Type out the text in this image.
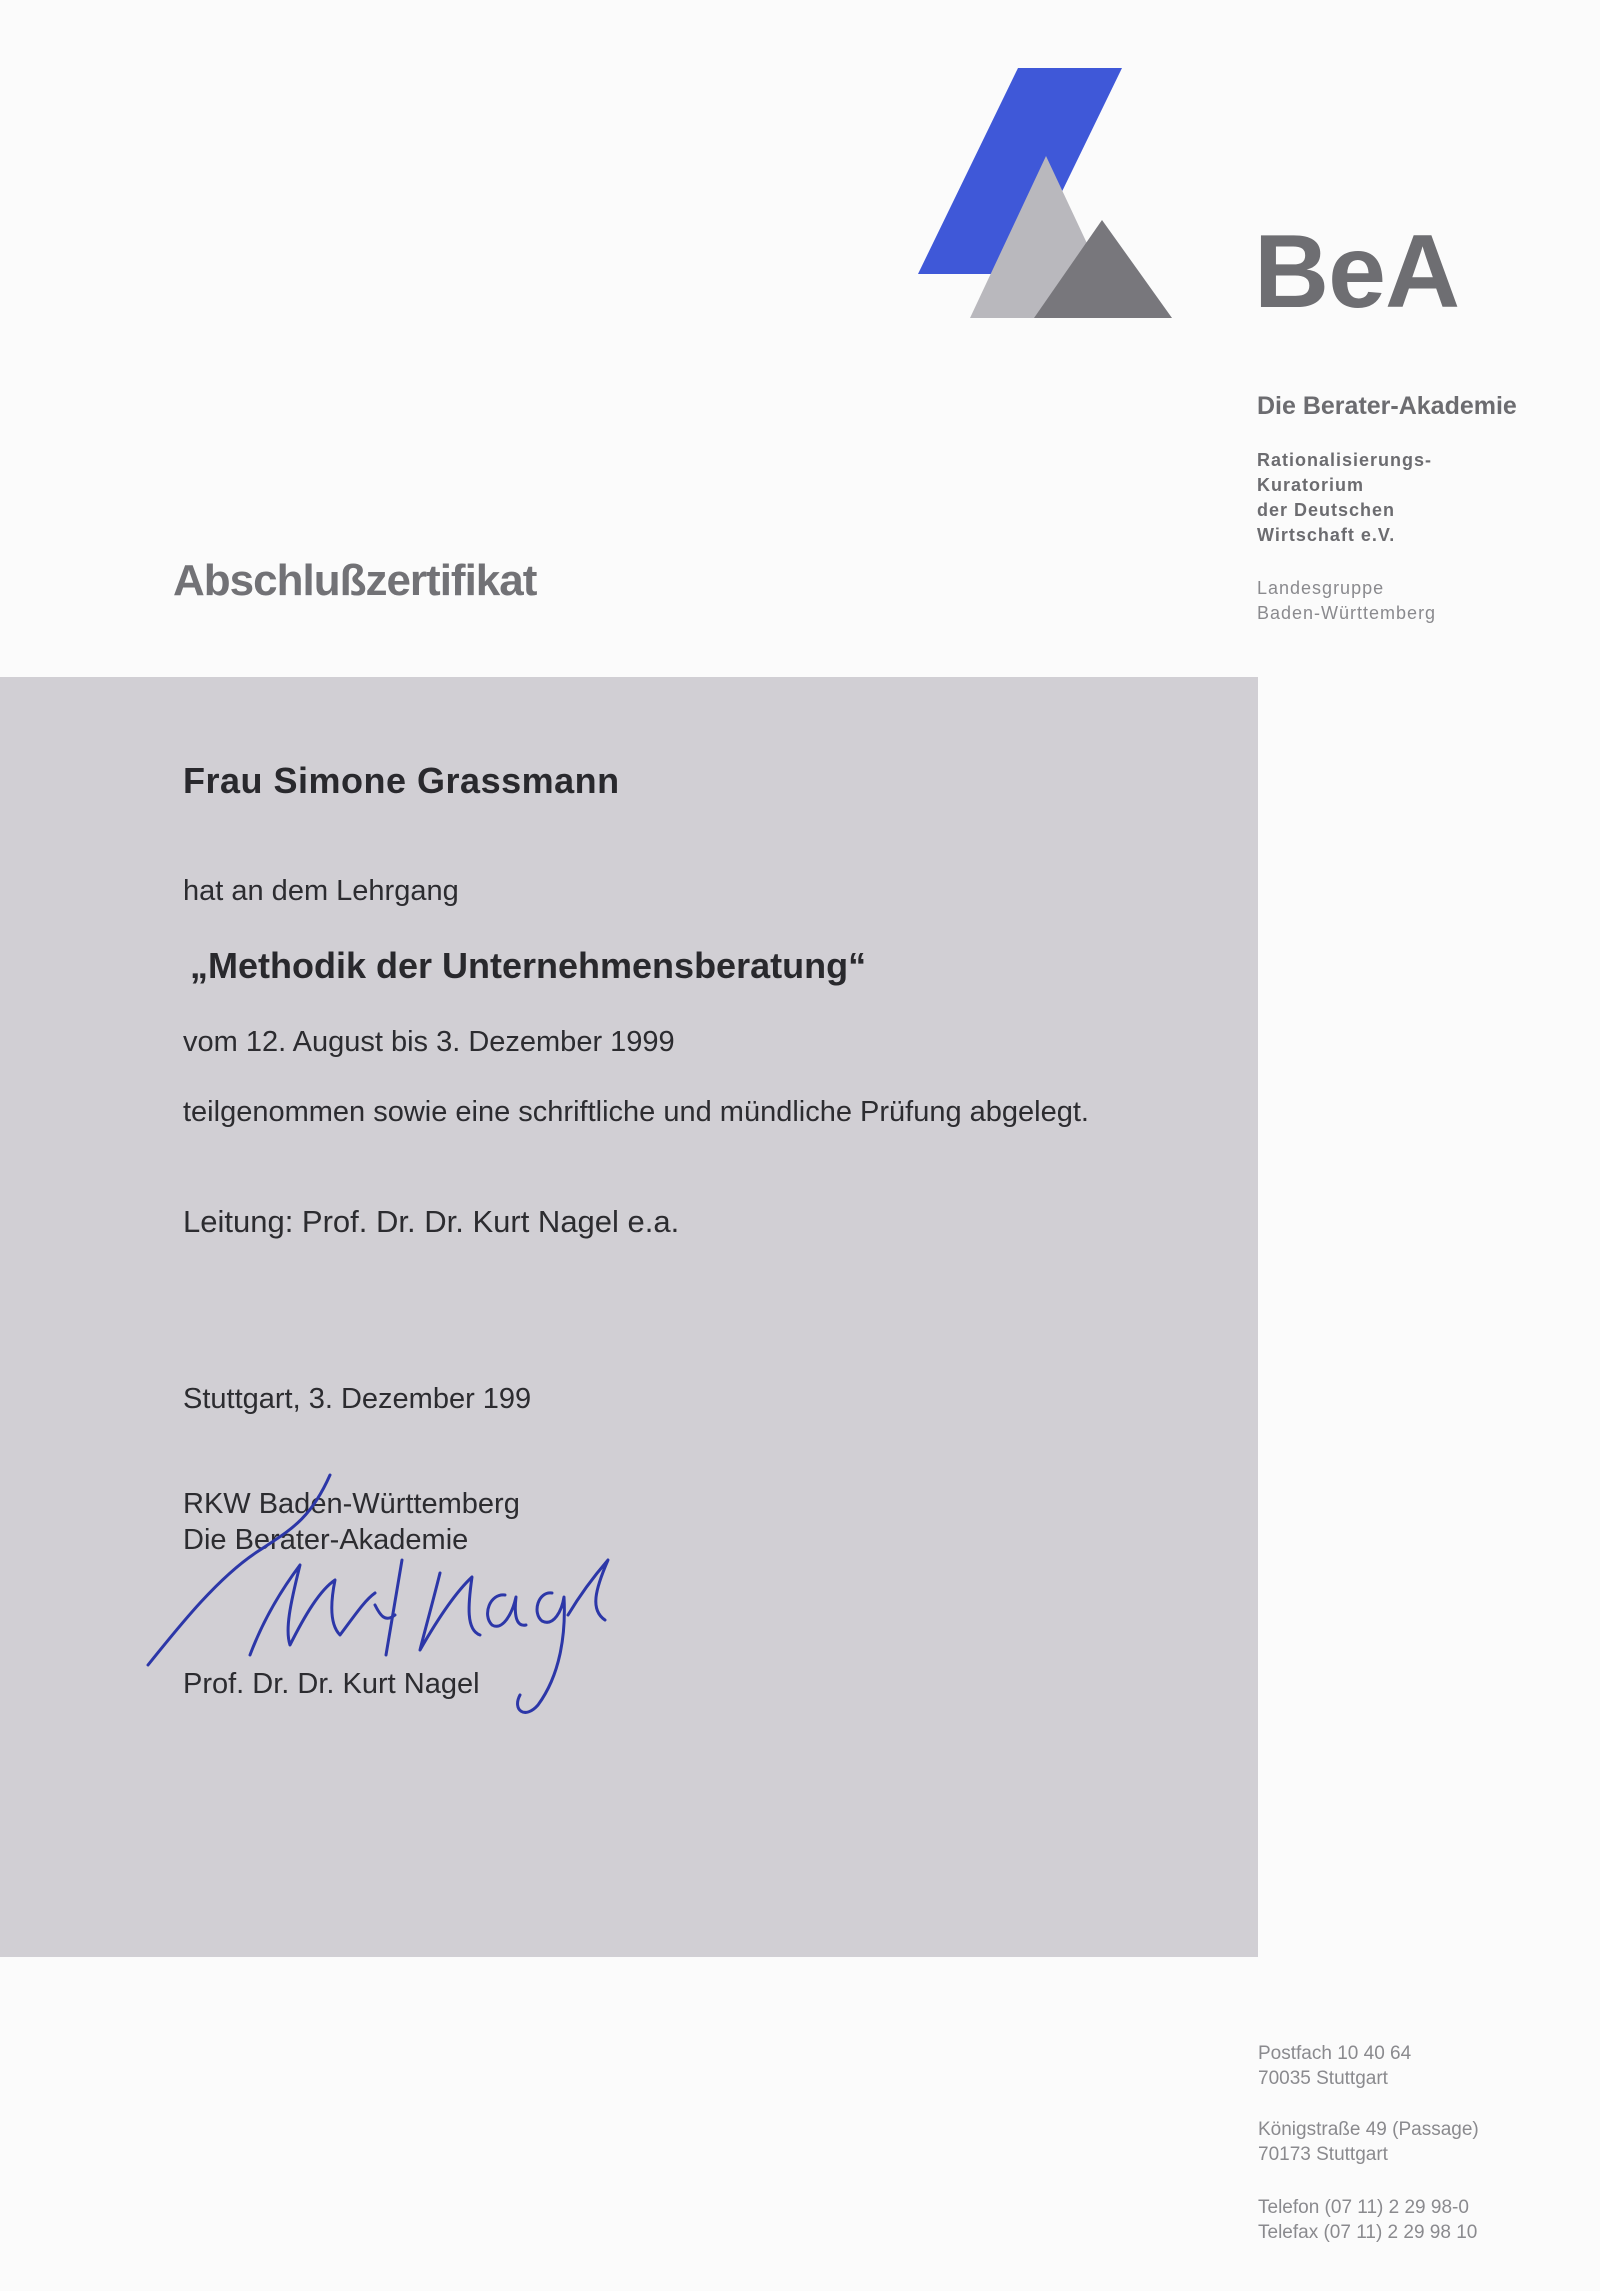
BeA
Die Berater-Akademie
Rationalisierungs-
Kuratorium
der Deutschen
Wirtschaft e.V.
Landesgruppe
Baden-Württemberg
Abschlußzertifikat
Frau Simone Grassmann
hat an dem Lehrgang
„Methodik der Unternehmensberatung“
vom 12. August bis 3. Dezember 1999
teilgenommen sowie eine schriftliche und mündliche Prüfung abgelegt.
Leitung: Prof. Dr. Dr. Kurt Nagel e.a.
Stuttgart, 3. Dezember 199
RKW Baden-Württemberg
Die Berater-Akademie
Prof. Dr. Dr. Kurt Nagel
Postfach 10 40 64
70035 Stuttgart
Königstraße 49 (Passage)
70173 Stuttgart
Telefon (07 11) 2 29 98-0
Telefax (07 11) 2 29 98 10
